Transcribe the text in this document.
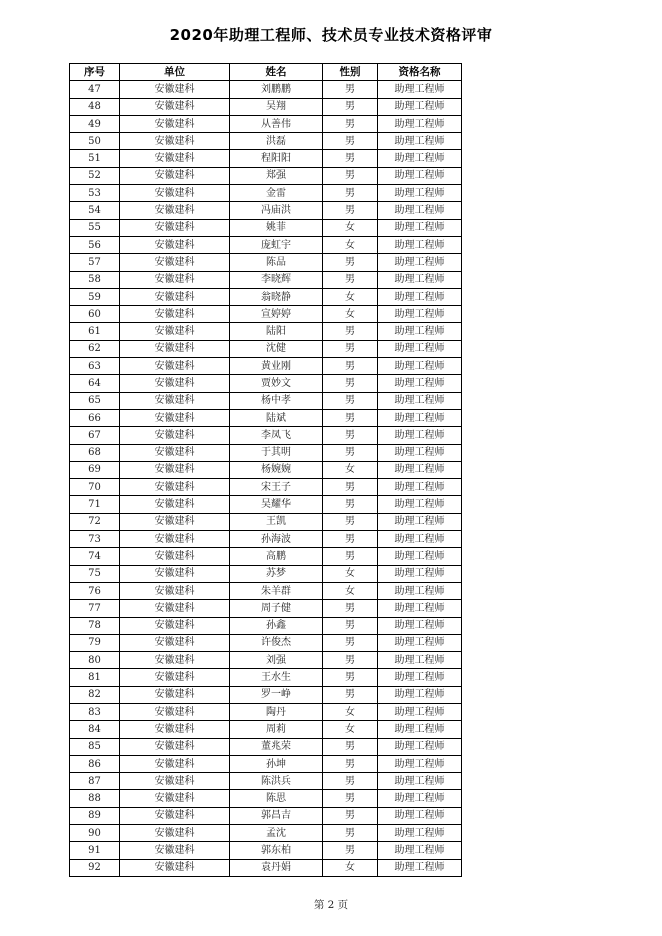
2020年助理工程师、技术员专业技术资格评审
序号	单位	姓名	性别	资格名称
47	安徽建科	刘鹏鹏	男	助理工程师
48	安徽建科	吴翔	男	助理工程师
49	安徽建科	从善伟	男	助理工程师
50	安徽建科	洪磊	男	助理工程师
51	安徽建科	程阳阳	男	助理工程师
52	安徽建科	郑强	男	助理工程师
53	安徽建科	金雷	男	助理工程师
54	安徽建科	冯庙洪	男	助理工程师
55	安徽建科	姚菲	女	助理工程师
56	安徽建科	庞虹宇	女	助理工程师
57	安徽建科	陈品	男	助理工程师
58	安徽建科	李晓辉	男	助理工程师
59	安徽建科	翁晓静	女	助理工程师
60	安徽建科	宣婷婷	女	助理工程师
61	安徽建科	陆阳	男	助理工程师
62	安徽建科	沈健	男	助理工程师
63	安徽建科	黄业刚	男	助理工程师
64	安徽建科	贾妙文	男	助理工程师
65	安徽建科	杨中孝	男	助理工程师
66	安徽建科	陆斌	男	助理工程师
67	安徽建科	李凤飞	男	助理工程师
68	安徽建科	于其明	男	助理工程师
69	安徽建科	杨婉婉	女	助理工程师
70	安徽建科	宋王子	男	助理工程师
71	安徽建科	吴耀华	男	助理工程师
72	安徽建科	王凯	男	助理工程师
73	安徽建科	孙海波	男	助理工程师
74	安徽建科	高鹏	男	助理工程师
75	安徽建科	苏梦	女	助理工程师
76	安徽建科	朱羊群	女	助理工程师
77	安徽建科	周子健	男	助理工程师
78	安徽建科	孙鑫	男	助理工程师
79	安徽建科	许俊杰	男	助理工程师
80	安徽建科	刘强	男	助理工程师
81	安徽建科	王水生	男	助理工程师
82	安徽建科	罗一峥	男	助理工程师
83	安徽建科	陶丹	女	助理工程师
84	安徽建科	周莉	女	助理工程师
85	安徽建科	董兆荣	男	助理工程师
86	安徽建科	孙坤	男	助理工程师
87	安徽建科	陈洪兵	男	助理工程师
88	安徽建科	陈思	男	助理工程师
89	安徽建科	郭昌吉	男	助理工程师
90	安徽建科	孟沈	男	助理工程师
91	安徽建科	郭东柏	男	助理工程师
92	安徽建科	袁丹娟	女	助理工程师
第 2 页
